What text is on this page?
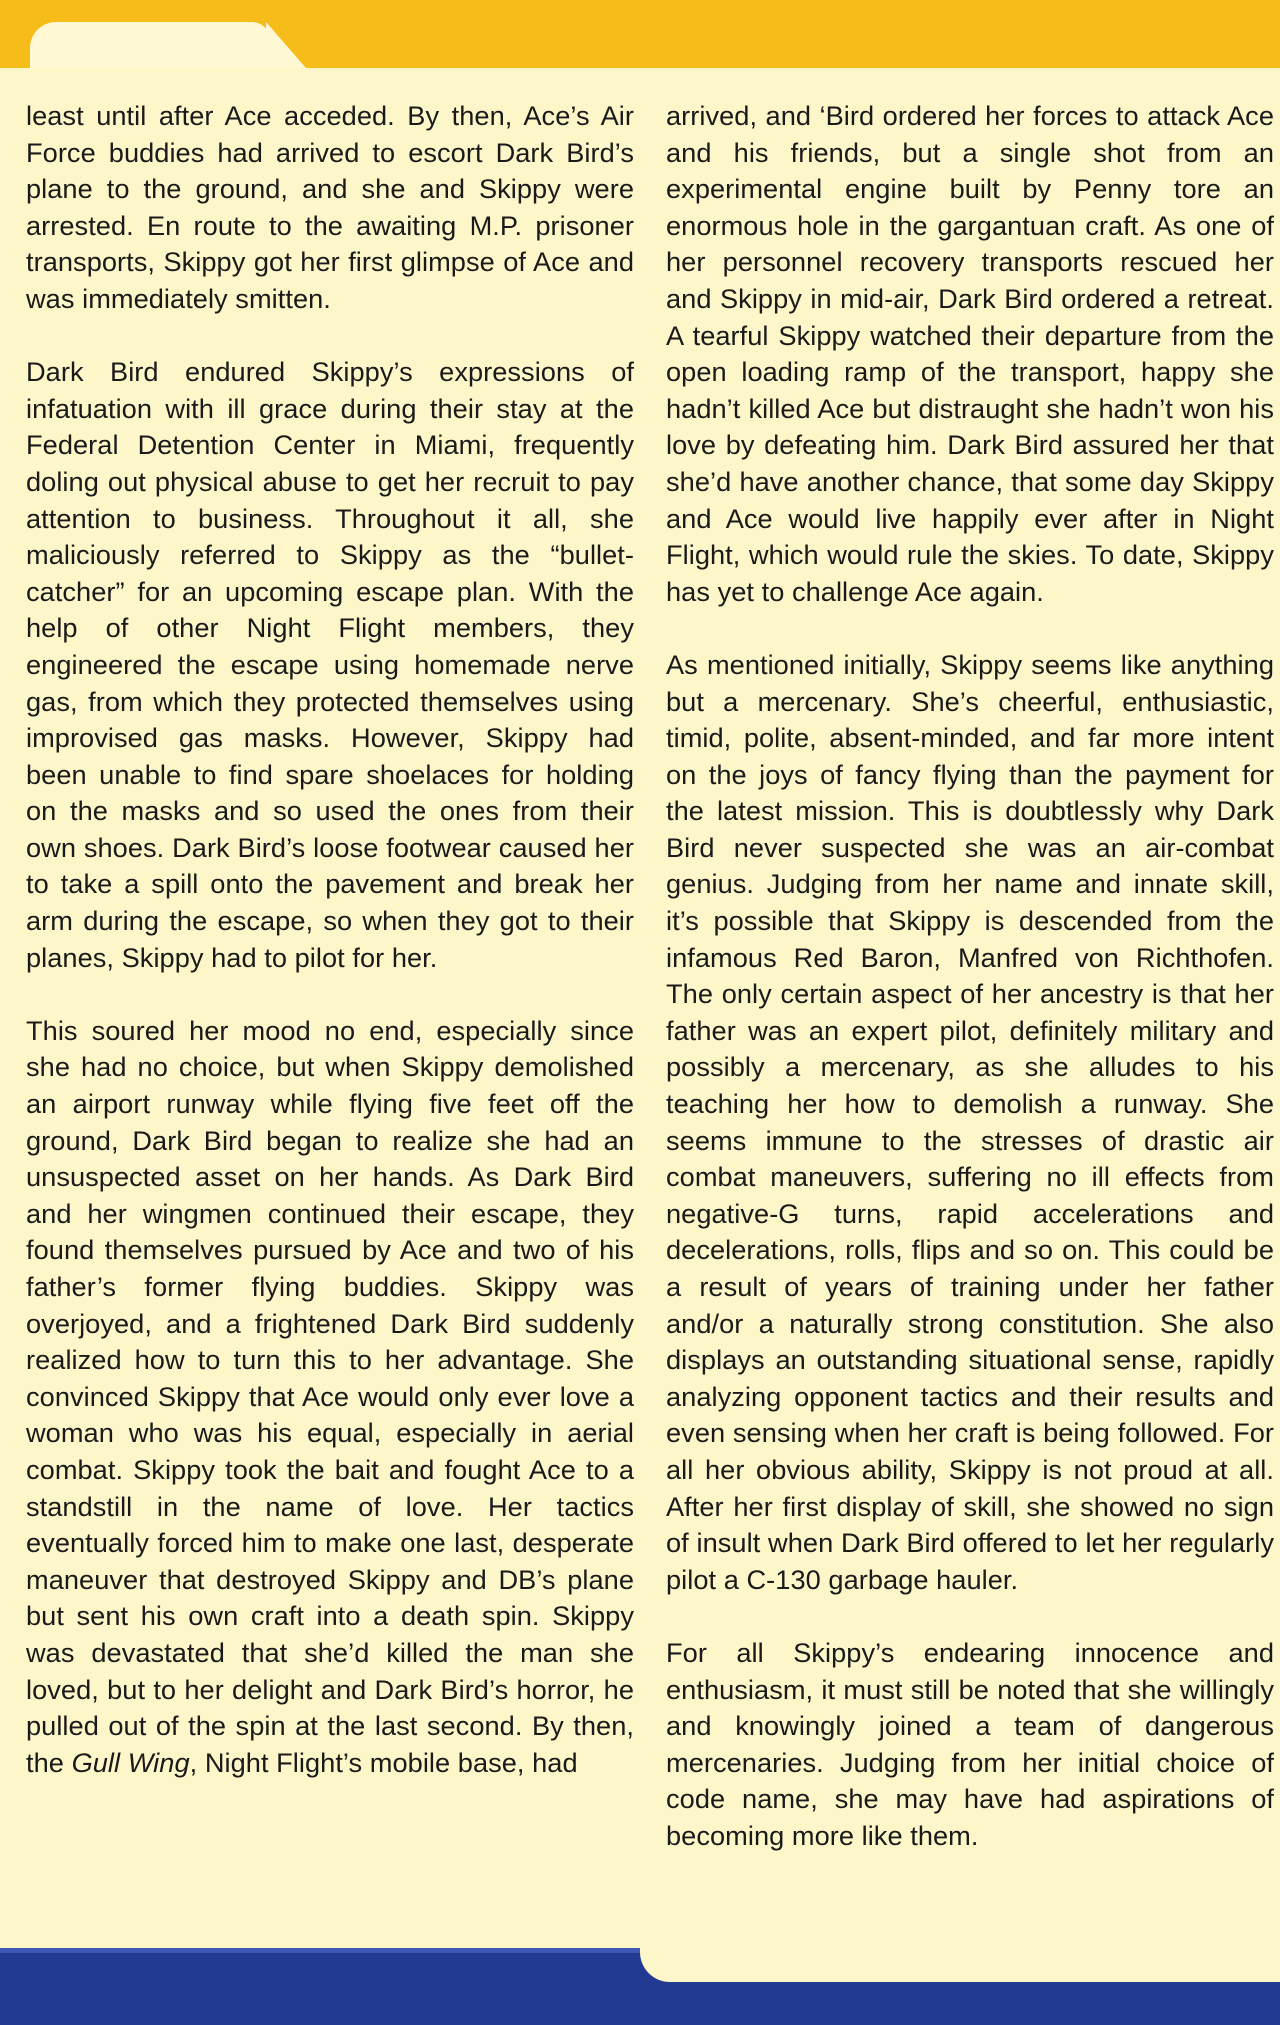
least until after Ace acceded. By then, Ace’s Air Force buddies had arrived to escort Dark Bird’s plane to the ground, and she and Skippy were arrested. En route to the awaiting M.P. prisoner transports, Skippy got her first glimpse of Ace and was immediately smitten.

Dark Bird endured Skippy’s expressions of infatuation with ill grace during their stay at the Federal Detention Center in Miami, frequently doling out physical abuse to get her recruit to pay attention to business. Throughout it all, she maliciously referred to Skippy as the “bullet-catcher” for an upcoming escape plan. With the help of other Night Flight members, they engineered the escape using homemade nerve gas, from which they protected themselves using improvised gas masks. However, Skippy had been unable to find spare shoelaces for holding on the masks and so used the ones from their own shoes. Dark Bird’s loose footwear caused her to take a spill onto the pavement and break her arm during the escape, so when they got to their planes, Skippy had to pilot for her.

This soured her mood no end, especially since she had no choice, but when Skippy demolished an airport runway while flying five feet off the ground, Dark Bird began to realize she had an unsuspected asset on her hands. As Dark Bird and her wingmen continued their escape, they found themselves pursued by Ace and two of his father’s former flying buddies. Skippy was overjoyed, and a frightened Dark Bird suddenly realized how to turn this to her advantage. She convinced Skippy that Ace would only ever love a woman who was his equal, especially in aerial combat. Skippy took the bait and fought Ace to a standstill in the name of love. Her tactics eventually forced him to make one last, desperate maneuver that destroyed Skippy and DB’s plane but sent his own craft into a death spin. Skippy was devastated that she’d killed the man she loved, but to her delight and Dark Bird’s horror, he pulled out of the spin at the last second. By then, the Gull Wing, Night Flight’s mobile base, had

arrived, and ‘Bird ordered her forces to attack Ace and his friends, but a single shot from an experimental engine built by Penny tore an enormous hole in the gargantuan craft. As one of her personnel recovery transports rescued her and Skippy in mid-air, Dark Bird ordered a retreat. A tearful Skippy watched their departure from the open loading ramp of the transport, happy she hadn’t killed Ace but distraught she hadn’t won his love by defeating him. Dark Bird assured her that she’d have another chance, that some day Skippy and Ace would live happily ever after in Night Flight, which would rule the skies. To date, Skippy has yet to challenge Ace again.

As mentioned initially, Skippy seems like anything but a mercenary. She’s cheerful, enthusiastic, timid, polite, absent-minded, and far more intent on the joys of fancy flying than the payment for the latest mission. This is doubtlessly why Dark Bird never suspected she was an air-combat genius. Judging from her name and innate skill, it’s possible that Skippy is descended from the infamous Red Baron, Manfred von Richthofen. The only certain aspect of her ancestry is that her father was an expert pilot, definitely military and possibly a mercenary, as she alludes to his teaching her how to demolish a runway. She seems immune to the stresses of drastic air combat maneuvers, suffering no ill effects from negative-G turns, rapid accelerations and decelerations, rolls, flips and so on. This could be a result of years of training under her father and/or a naturally strong constitution. She also displays an outstanding situational sense, rapidly analyzing opponent tactics and their results and even sensing when her craft is being followed. For all her obvious ability, Skippy is not proud at all. After her first display of skill, she showed no sign of insult when Dark Bird offered to let her regularly pilot a C-130 garbage hauler.

For all Skippy’s endearing innocence and enthusiasm, it must still be noted that she willingly and knowingly joined a team of dangerous mercenaries. Judging from her initial choice of code name, she may have had aspirations of becoming more like them.
